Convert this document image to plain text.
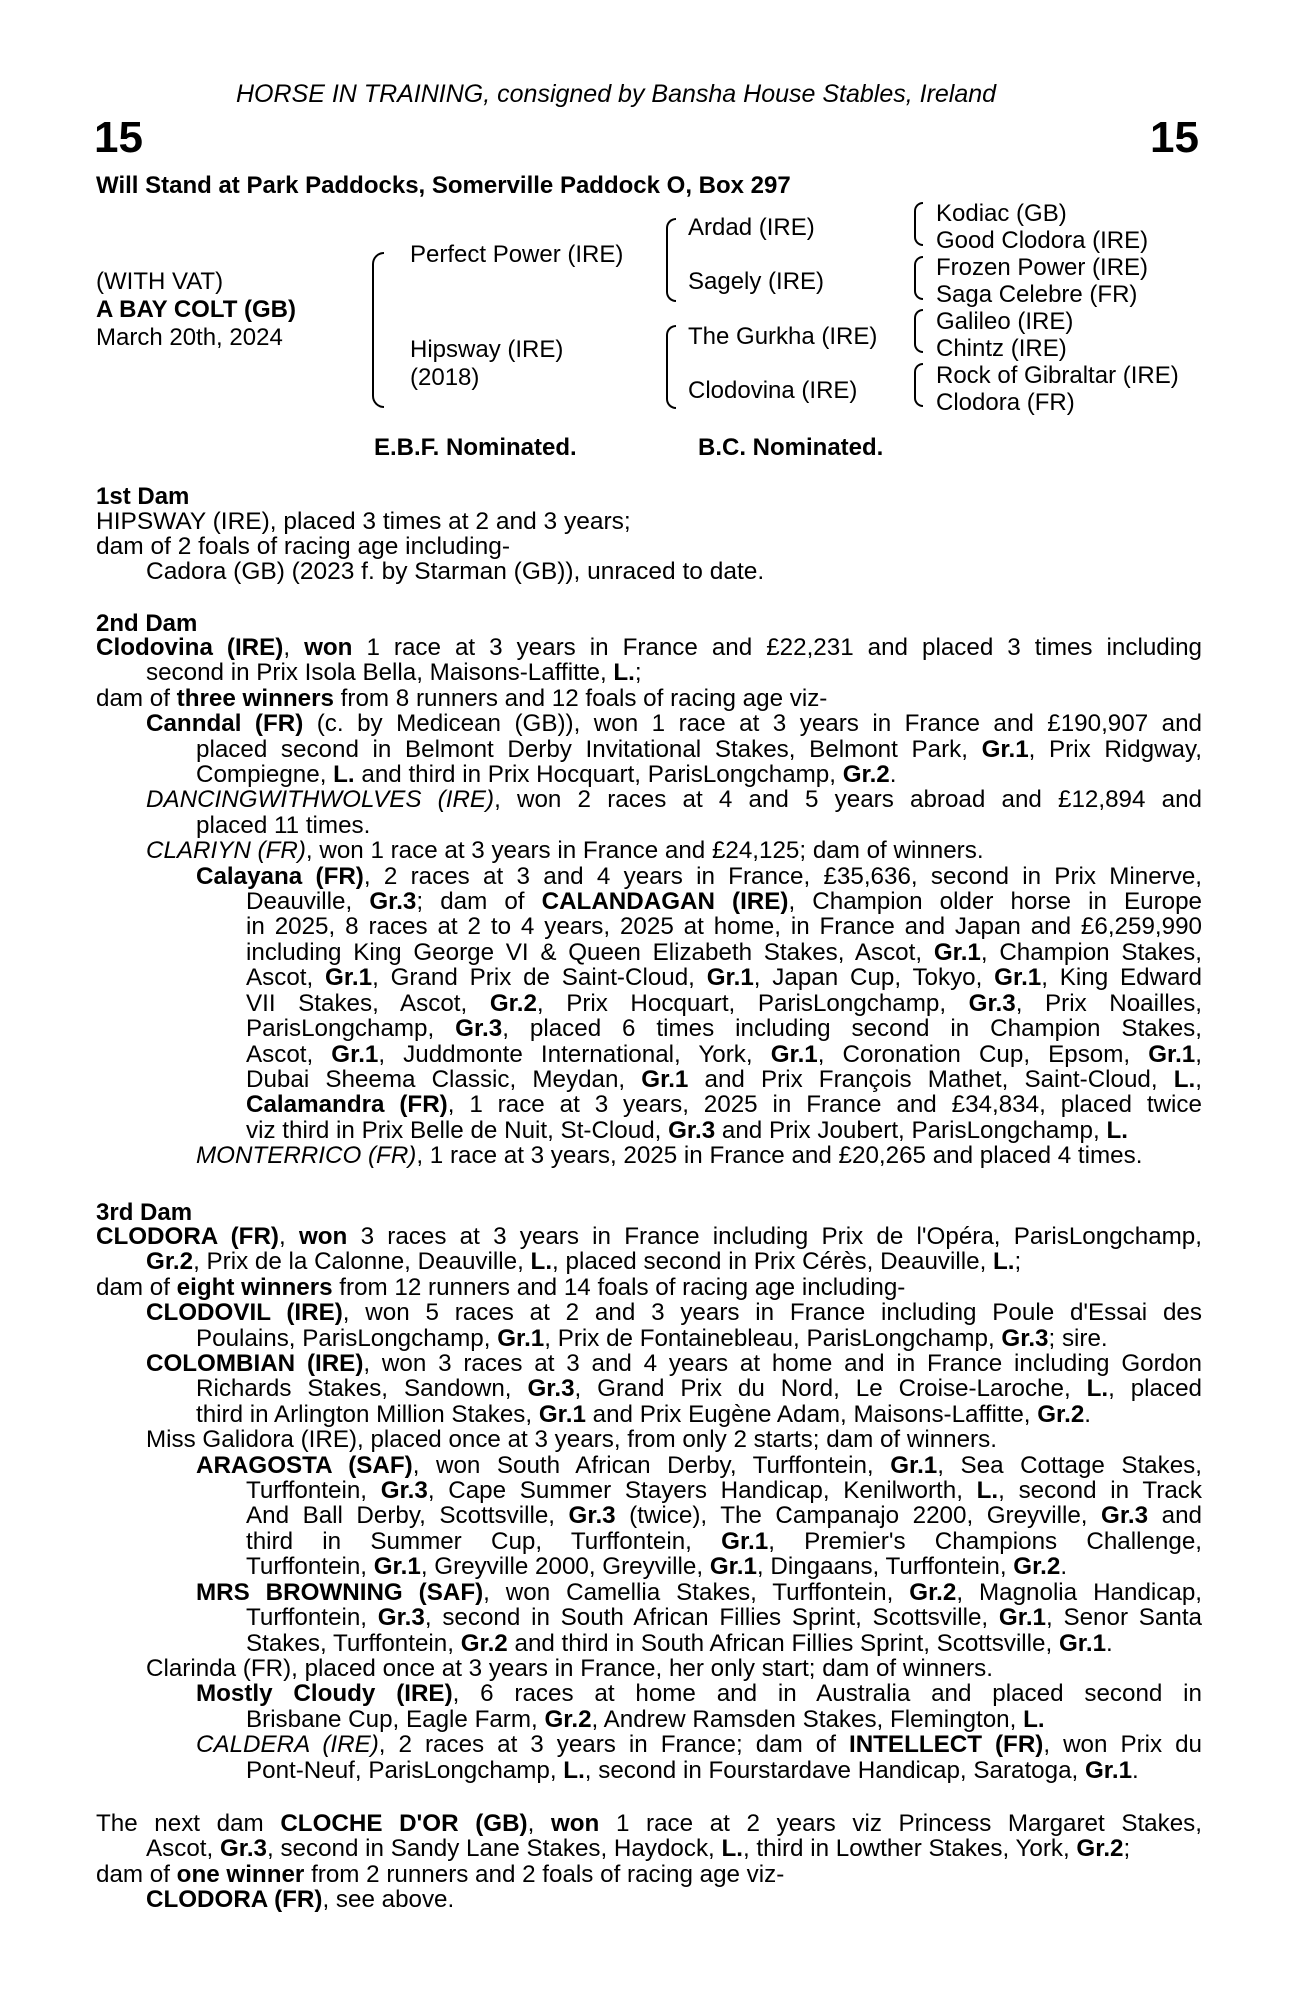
HORSE IN TRAINING, consigned by Bansha House Stables, Ireland
15	15
Will Stand at Park Paddocks, Somerville Paddock O, Box 297
(WITH VAT)
A BAY COLT (GB)
March 20th, 2024
Perfect Power (IRE)
Hipsway (IRE)
(2018)
Ardad (IRE)
Sagely (IRE)
The Gurkha (IRE)
Clodovina (IRE)
Kodiac (GB)
Good Clodora (IRE)
Frozen Power (IRE)
Saga Celebre (FR)
Galileo (IRE)
Chintz (IRE)
Rock of Gibraltar (IRE)
Clodora (FR)
E.B.F. Nominated.	B.C. Nominated.
1st Dam
HIPSWAY (IRE), placed 3 times at 2 and 3 years;
dam of 2 foals of racing age including-
Cadora (GB) (2023 f. by Starman (GB)), unraced to date.
2nd Dam
Clodovina (IRE), won 1 race at 3 years in France and £22,231 and placed 3 times including
second in Prix Isola Bella, Maisons-Laffitte, L.;
dam of three winners from 8 runners and 12 foals of racing age viz-
Canndal (FR) (c. by Medicean (GB)), won 1 race at 3 years in France and £190,907 and
placed second in Belmont Derby Invitational Stakes, Belmont Park, Gr.1, Prix Ridgway,
Compiegne, L. and third in Prix Hocquart, ParisLongchamp, Gr.2.
DANCINGWITHWOLVES (IRE), won 2 races at 4 and 5 years abroad and £12,894 and
placed 11 times.
CLARIYN (FR), won 1 race at 3 years in France and £24,125; dam of winners.
Calayana (FR), 2 races at 3 and 4 years in France, £35,636, second in Prix Minerve,
Deauville, Gr.3; dam of CALANDAGAN (IRE), Champion older horse in Europe
in 2025, 8 races at 2 to 4 years, 2025 at home, in France and Japan and £6,259,990
including King George VI & Queen Elizabeth Stakes, Ascot, Gr.1, Champion Stakes,
Ascot, Gr.1, Grand Prix de Saint-Cloud, Gr.1, Japan Cup, Tokyo, Gr.1, King Edward
VII Stakes, Ascot, Gr.2, Prix Hocquart, ParisLongchamp, Gr.3, Prix Noailles,
ParisLongchamp, Gr.3, placed 6 times including second in Champion Stakes,
Ascot, Gr.1, Juddmonte International, York, Gr.1, Coronation Cup, Epsom, Gr.1,
Dubai Sheema Classic, Meydan, Gr.1 and Prix François Mathet, Saint-Cloud, L.,
Calamandra (FR), 1 race at 3 years, 2025 in France and £34,834, placed twice
viz third in Prix Belle de Nuit, St-Cloud, Gr.3 and Prix Joubert, ParisLongchamp, L.
MONTERRICO (FR), 1 race at 3 years, 2025 in France and £20,265 and placed 4 times.
3rd Dam
CLODORA (FR), won 3 races at 3 years in France including Prix de l'Opéra, ParisLongchamp,
Gr.2, Prix de la Calonne, Deauville, L., placed second in Prix Cérès, Deauville, L.;
dam of eight winners from 12 runners and 14 foals of racing age including-
CLODOVIL (IRE), won 5 races at 2 and 3 years in France including Poule d'Essai des
Poulains, ParisLongchamp, Gr.1, Prix de Fontainebleau, ParisLongchamp, Gr.3; sire.
COLOMBIAN (IRE), won 3 races at 3 and 4 years at home and in France including Gordon
Richards Stakes, Sandown, Gr.3, Grand Prix du Nord, Le Croise-Laroche, L., placed
third in Arlington Million Stakes, Gr.1 and Prix Eugène Adam, Maisons-Laffitte, Gr.2.
Miss Galidora (IRE), placed once at 3 years, from only 2 starts; dam of winners.
ARAGOSTA (SAF), won South African Derby, Turffontein, Gr.1, Sea Cottage Stakes,
Turffontein, Gr.3, Cape Summer Stayers Handicap, Kenilworth, L., second in Track
And Ball Derby, Scottsville, Gr.3 (twice), The Campanajo 2200, Greyville, Gr.3 and
third in Summer Cup, Turffontein, Gr.1, Premier's Champions Challenge,
Turffontein, Gr.1, Greyville 2000, Greyville, Gr.1, Dingaans, Turffontein, Gr.2.
MRS BROWNING (SAF), won Camellia Stakes, Turffontein, Gr.2, Magnolia Handicap,
Turffontein, Gr.3, second in South African Fillies Sprint, Scottsville, Gr.1, Senor Santa
Stakes, Turffontein, Gr.2 and third in South African Fillies Sprint, Scottsville, Gr.1.
Clarinda (FR), placed once at 3 years in France, her only start; dam of winners.
Mostly Cloudy (IRE), 6 races at home and in Australia and placed second in
Brisbane Cup, Eagle Farm, Gr.2, Andrew Ramsden Stakes, Flemington, L.
CALDERA (IRE), 2 races at 3 years in France; dam of INTELLECT (FR), won Prix du
Pont-Neuf, ParisLongchamp, L., second in Fourstardave Handicap, Saratoga, Gr.1.
The next dam CLOCHE D'OR (GB), won 1 race at 2 years viz Princess Margaret Stakes,
Ascot, Gr.3, second in Sandy Lane Stakes, Haydock, L., third in Lowther Stakes, York, Gr.2;
dam of one winner from 2 runners and 2 foals of racing age viz-
CLODORA (FR), see above.
